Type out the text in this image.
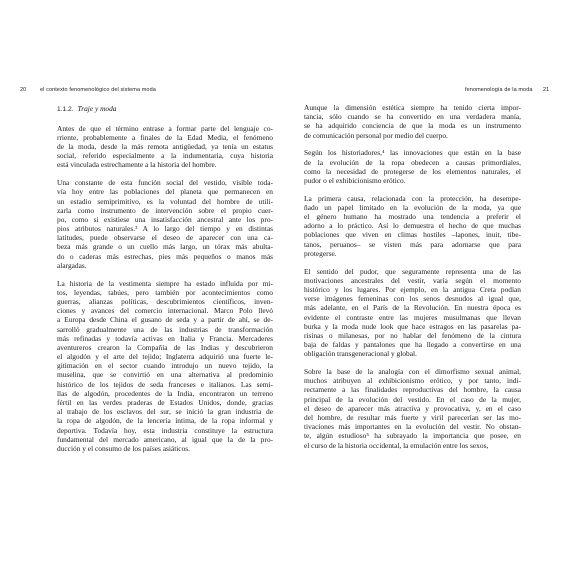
20 el contexto fenomenológico del sistema moda
1.1.2. Traje y moda
Antes de que el término entrase a formar parte del lenguaje co-
rriente, probablemente a finales de la Edad Media, el fenómeno
de la moda, desde la más remota antigüedad, ya tenía un estatus
social, referido especialmente a la indumentaria, cuya historia
está vinculada estrechamente a la historia del hombre.
Una constante de esta función social del vestido, visible toda-
vía hoy entre las poblaciones del planeta que permanecen en
un estadio semiprimitivo, es la voluntad del hombre de utili-
zarla como instrumento de intervención sobre el propio cuer-
po, como si existiese una insatisfacción ancestral ante los pro-
pios atributos naturales.³ A lo largo del tiempo y en distintas
latitudes, puede observarse el deseo de aparecer con una ca-
beza más grande o un cuello más largo, un tórax más abulta-
do o caderas más estrechas, pies más pequeños o manos más
alargadas.
La historia de la vestimenta siempre ha estado influida por mi-
tos, leyendas, tabúes, pero también por acontecimientos como
guerras, alianzas políticas, descubrimientos científicos, inven-
ciones y avances del comercio internacional. Marco Polo llevó
a Europa desde China el gusano de seda y a partir de ahí, se de-
sarrolló gradualmente una de las industrias de transformación
más refinadas y todavía activas en Italia y Francia. Mercaderes
aventureros crearon la Compañía de las Indias y descubrieron
el algodón y el arte del tejido; Inglaterra adquirió una fuerte le-
gitimación en el sector cuando introdujo un nuevo tejido, la
muselina, que se convirtió en una alternativa al predominio
histórico de los tejidos de seda franceses e italianos. Las semi-
llas de algodón, procedentes de la India, encontraron un terreno
fértil en las verdes praderas de Estados Unidos, donde, gracias
al trabajo de los esclavos del sur, se inició la gran industria de
la ropa de algodón, de la lencería íntima, de la ropa informal y
deportiva. Todavía hoy, esta industria constituye la estructura
fundamental del mercado americano, al igual que la de la pro-
ducción y el consumo de los países asiáticos.
fenomenología de la moda 21
Aunque la dimensión estética siempre ha tenido cierta impor-
tancia, sólo cuando se ha convertido en una verdadera manía,
se ha adquirido conciencia de que la moda es un instrumento
de comunicación personal por medio del cuerpo.
Según los historiadores,⁴ las innovaciones que están en la base
de la evolución de la ropa obedecen a causas primordiales,
como la necesidad de protegerse de los elementos naturales, el
pudor o el exhibicionismo erótico.
La primera causa, relacionada con la protección, ha desempe-
ñado un papel limitado en la evolución de la moda, ya que
el género humano ha mostrado una tendencia a preferir el
adorno a lo práctico. Así lo demuestra el hecho de que muchas
poblaciones que viven en climas hostiles –lapones, inuit, tibe-
tanos, peruanos– se visten más para adornarse que para
protegerse.
El sentido del pudor, que seguramente representa una de las
motivaciones ancestrales del vestir, varía según el momento
histórico y los lugares. Por ejemplo, en la antigua Creta podían
verse imágenes femeninas con los senos desnudos al igual que,
más adelante, en el París de la Revolución. En nuestra época es
evidente el contraste entre las mujeres musulmanas que llevan
burka y la moda nude look que hace estragos en las pasarelas pa-
risinas o milanesas, por no hablar del fenómeno de la cintura
baja de faldas y pantalones que ha llegado a convertirse en una
obligación transgeneracional y global.
Sobre la base de la analogía con el dimorfismo sexual animal,
muchos atribuyen al exhibicionismo erótico, y por tanto, indi-
rectamente a las finalidades reproductivas del hombre, la causa
principal de la evolución del vestido. En el caso de la mujer,
el deseo de aparecer más atractiva y provocativa, y, en el caso
del hombre, de resultar más fuerte y viril parecerían ser las mo-
tivaciones más importantes en la evolución del vestir. No obstan-
te, algún estudioso⁵ ha subrayado la importancia que posee, en
el curso de la historia occidental, la emulación entre los sexos,
